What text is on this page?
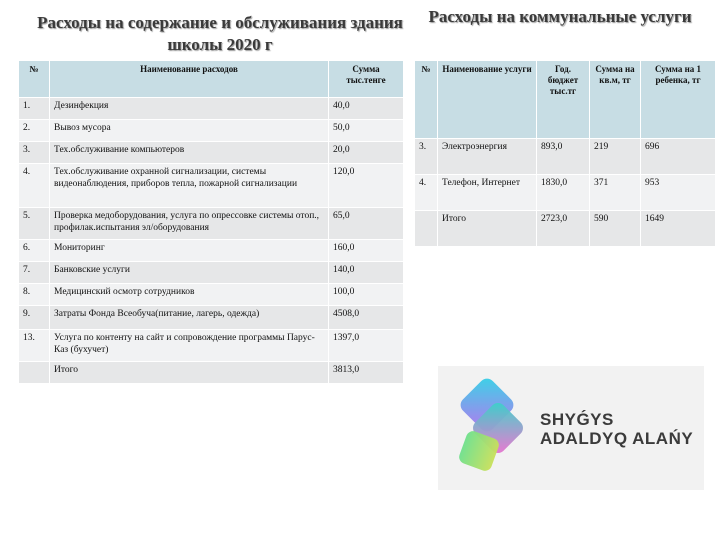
Расходы на содержание и обслуживания здания школы 2020 г
Расходы на коммунальные услуги
№	Наименование расходов	Сумма тыс.тенге
1.	Дезинфекция	40,0
2.	Вывоз мусора	50,0
3.	Тех.обслуживание компьютеров	20,0
4.	Тех.обслуживание охранной сигнализации, системы видеонаблюдения, приборов тепла, пожарной сигнализации	120,0
5.	Проверка медоборудования, услуга по опрессовке системы отоп., профилак.испытания эл/оборудования	65,0
6.	Мониторинг	160,0
7.	Банковские услуги	140,0
8.	Медицинский осмотр сотрудников	100,0
9.	Затраты Фонда Всеобуча(питание, лагерь, одежда)	4508,0
13.	Услуга по контенту на сайт и сопровождение программы Парус-Каз (бухучет)	1397,0
	Итого	3813,0
№	Наименование услуги	Год. бюджет тыс.тг	Сумма на кв.м, тг	Сумма на 1 ребенка, тг
3.	Электроэнергия	893,0	219	696
4.	Телефон, Интернет	1830,0	371	953
	Итого	2723,0	590	1649
SHYǴYS
ADALDYQ ALAŃY
